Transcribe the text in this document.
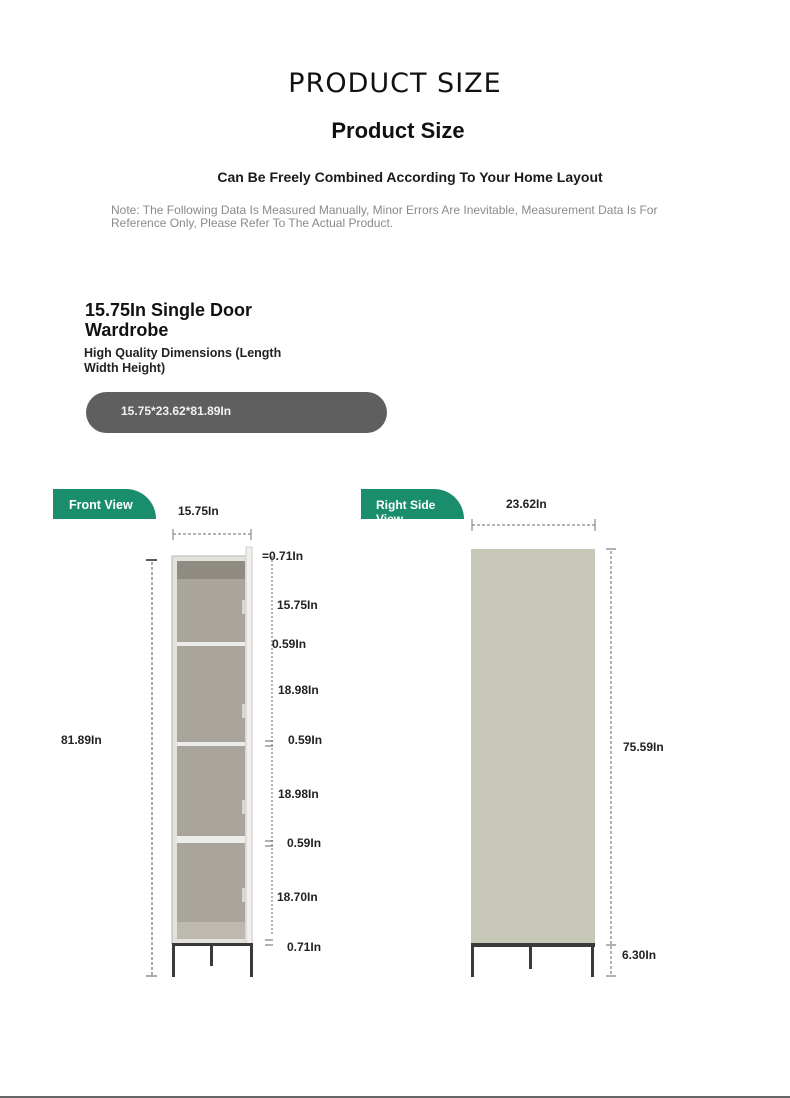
PRODUCT SIZE
Product Size
Can Be Freely Combined According To Your Home Layout
Note: The Following Data Is Measured Manually, Minor Errors Are Inevitable, Measurement Data Is For Reference Only, Please Refer To The Actual Product.
15.75In Single Door Wardrobe
High Quality Dimensions (Length Width Height)
15.75*23.62*81.89In
Front View	Right Side View
15.75In
81.89In
=0.71In
15.75In
0.59In
18.98In
0.59In
18.98In
0.59In
18.70In
0.71In
23.62In
75.59In
6.30In
